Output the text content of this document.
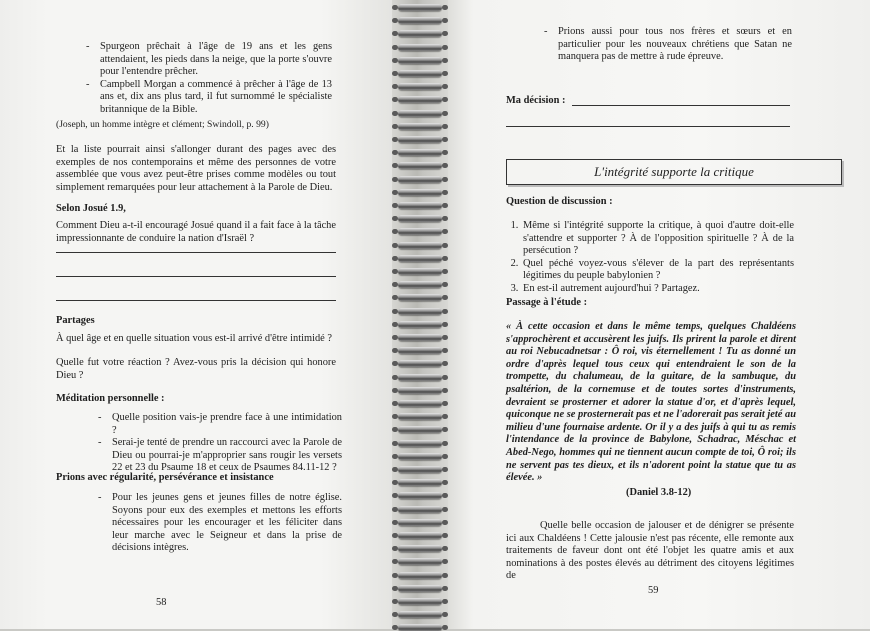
- Spurgeon prêchait à l'âge de 19 ans et les gens attendaient, les pieds dans la neige, que la porte s'ouvre pour l'entendre prêcher.
- Campbell Morgan a commencé à prêcher à l'âge de 13 ans et, dix ans plus tard, il fut surnommé le spécialiste britannique de la Bible.
(Joseph, un homme intègre et clément; Swindoll, p. 99)
Et la liste pourrait ainsi s'allonger durant des pages avec des exemples de nos contemporains et même des personnes de votre assemblée que vous avez peut-être prises comme modèles ou tout simplement remarquées pour leur attachement à la Parole de Dieu.
Selon Josué 1.9,
Comment Dieu a-t-il encouragé Josué quand il a fait face à la tâche impressionnante de conduire la nation d'Israël ?
Partages
À quel âge et en quelle situation vous est-il arrivé d'être intimidé ?
Quelle fut votre réaction ? Avez-vous pris la décision qui honore Dieu ?
Méditation personnelle :
- Quelle position vais-je prendre face à une intimidation ?
- Serai-je tenté de prendre un raccourci avec la Parole de Dieu ou pourrai-je m'approprier sans rougir les versets 22 et 23 du Psaume 18 et ceux de Psaumes 84.11-12 ?
Prions avec régularité, persévérance et insistance
- Pour les jeunes gens et jeunes filles de notre église. Soyons pour eux des exemples et mettons les efforts nécessaires pour les encourager et les féliciter dans leur marche avec le Seigneur et dans la prise de décisions intègres.
58
- Prions aussi pour tous nos frères et sœurs et en particulier pour les nouveaux chrétiens que Satan ne manquera pas de mettre à rude épreuve.
Ma décision :
L'intégrité supporte la critique
Question de discussion :
1. Même si l'intégrité supporte la critique, à quoi d'autre doit-elle s'attendre et supporter ? À de l'opposition spirituelle ? À de la persécution ?
2. Quel péché voyez-vous s'élever de la part des représentants légitimes du peuple babylonien ?
3. En est-il autrement aujourd'hui ? Partagez.
Passage à l'étude :
« À cette occasion et dans le même temps, quelques Chaldéens s'approchèrent et accusèrent les juifs. Ils prirent la parole et dirent au roi Nebucadnetsar : Ô roi, vis éternellement ! Tu as donné un ordre d'après lequel tous ceux qui entendraient le son de la trompette, du chalumeau, de la guitare, de la sambuque, du psaltérion, de la cornemuse et de toutes sortes d'instruments, devraient se prosterner et adorer la statue d'or, et d'après lequel, quiconque ne se prosternerait pas et ne l'adorerait pas serait jeté au milieu d'une fournaise ardente. Or il y a des juifs à qui tu as remis l'intendance de la province de Babylone, Schadrac, Méschac et Abed-Nego, hommes qui ne tiennent aucun compte de toi, Ô roi; ils ne servent pas tes dieux, et ils n'adorent point la statue que tu as élevée. »
(Daniel 3.8-12)
Quelle belle occasion de jalouser et de dénigrer se présente ici aux Chaldéens ! Cette jalousie n'est pas récente, elle remonte aux traitements de faveur dont ont été l'objet les quatre amis et aux nominations à des postes élevés au détriment des citoyens légitimes de
59
